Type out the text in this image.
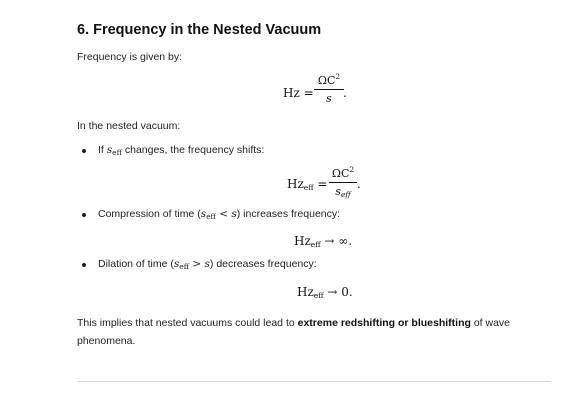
6. Frequency in the Nested Vacuum
Frequency is given by:
Hz =
$\Omega C^2$
s .
In the nested vacuum:
If $s_{eff}$ changes, the frequency shifts:
$Hz_{eff}$ =
$\Omega C^2$
$s_{eff}$
.
Compression of time $(s_{eff} < s)$ increases frequency:
$Hz_{eff}$ → ∞.
Dilation of time $(s_{eff} > s)$ decreases frequency:
$Hz_{eff} \to 0$.
This implies that nested vacuums could lead to extreme redshifting or blueshifting of wave
phenomena.
